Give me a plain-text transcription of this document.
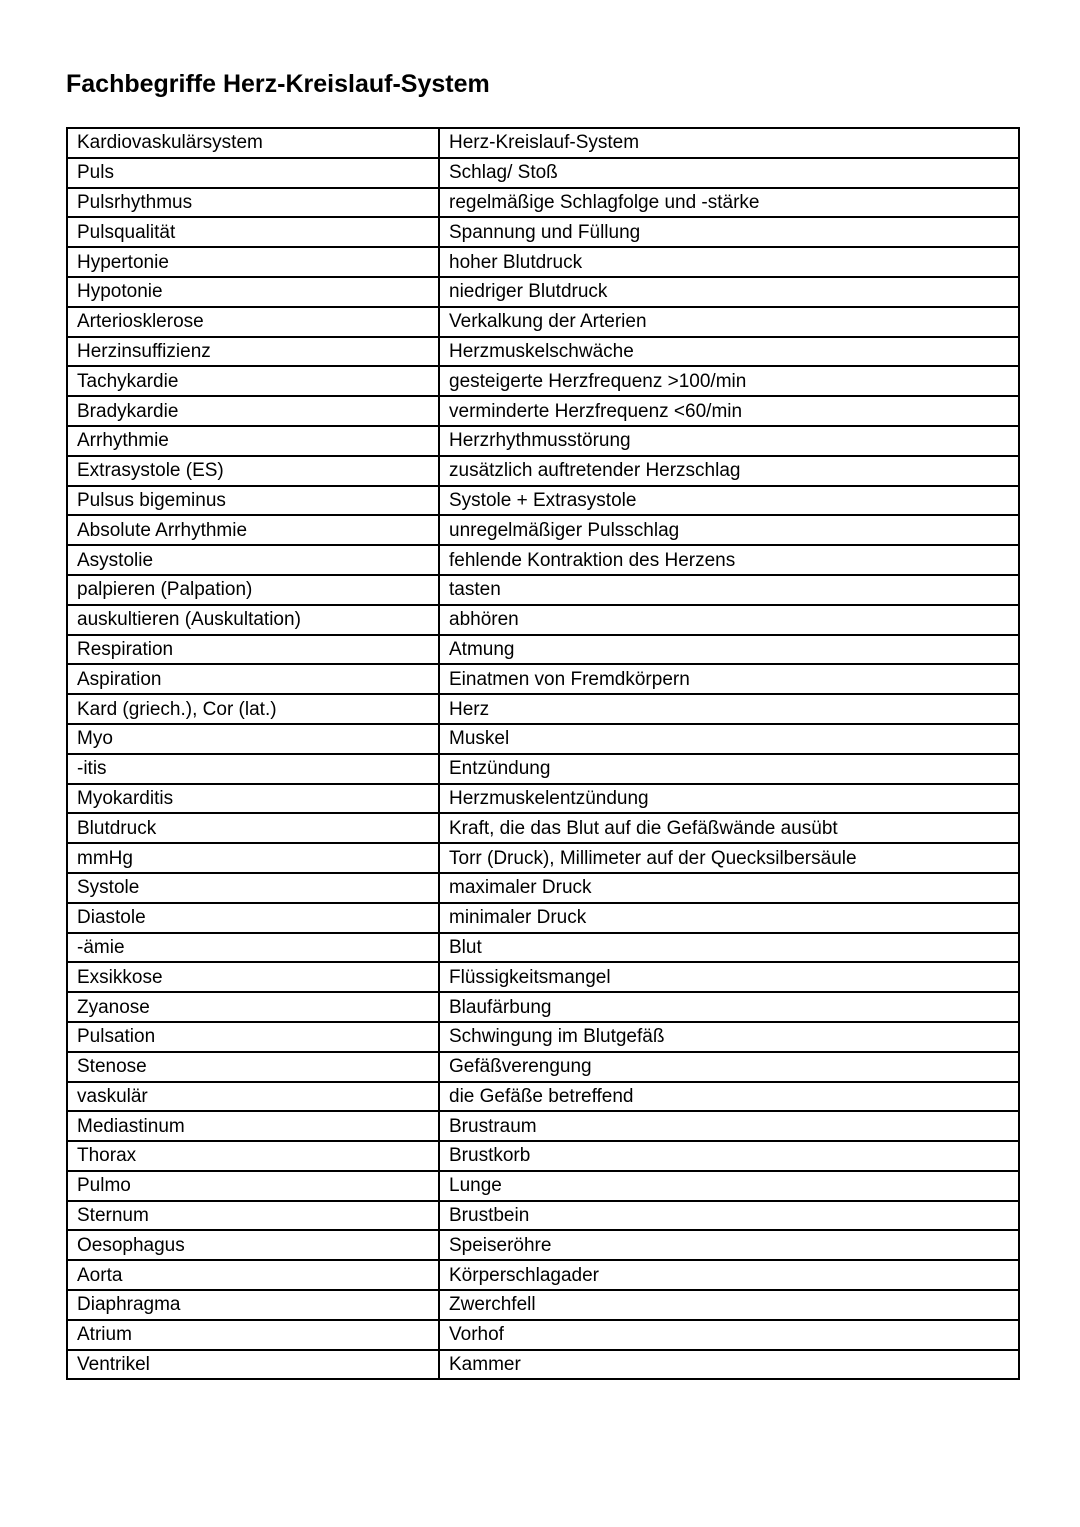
Fachbegriffe Herz-Kreislauf-System
Kardiovaskulärsystem	Herz-Kreislauf-System
Puls	Schlag/ Stoß
Pulsrhythmus	regelmäßige Schlagfolge und -stärke
Pulsqualität	Spannung und Füllung
Hypertonie	hoher Blutdruck
Hypotonie	niedriger Blutdruck
Arteriosklerose	Verkalkung der Arterien
Herzinsuffizienz	Herzmuskelschwäche
Tachykardie	gesteigerte Herzfrequenz >100/min
Bradykardie	verminderte Herzfrequenz <60/min
Arrhythmie	Herzrhythmusstörung
Extrasystole (ES)	zusätzlich auftretender Herzschlag
Pulsus bigeminus	Systole + Extrasystole
Absolute Arrhythmie	unregelmäßiger Pulsschlag
Asystolie	fehlende Kontraktion des Herzens
palpieren (Palpation)	tasten
auskultieren (Auskultation)	abhören
Respiration	Atmung
Aspiration	Einatmen von Fremdkörpern
Kard (griech.), Cor (lat.)	Herz
Myo	Muskel
-itis	Entzündung
Myokarditis	Herzmuskelentzündung
Blutdruck	Kraft, die das Blut auf die Gefäßwände ausübt
mmHg	Torr (Druck), Millimeter auf der Quecksilbersäule
Systole	maximaler Druck
Diastole	minimaler Druck
-ämie	Blut
Exsikkose	Flüssigkeitsmangel
Zyanose	Blaufärbung
Pulsation	Schwingung im Blutgefäß
Stenose	Gefäßverengung
vaskulär	die Gefäße betreffend
Mediastinum	Brustraum
Thorax	Brustkorb
Pulmo	Lunge
Sternum	Brustbein
Oesophagus	Speiseröhre
Aorta	Körperschlagader
Diaphragma	Zwerchfell
Atrium	Vorhof
Ventrikel	Kammer
